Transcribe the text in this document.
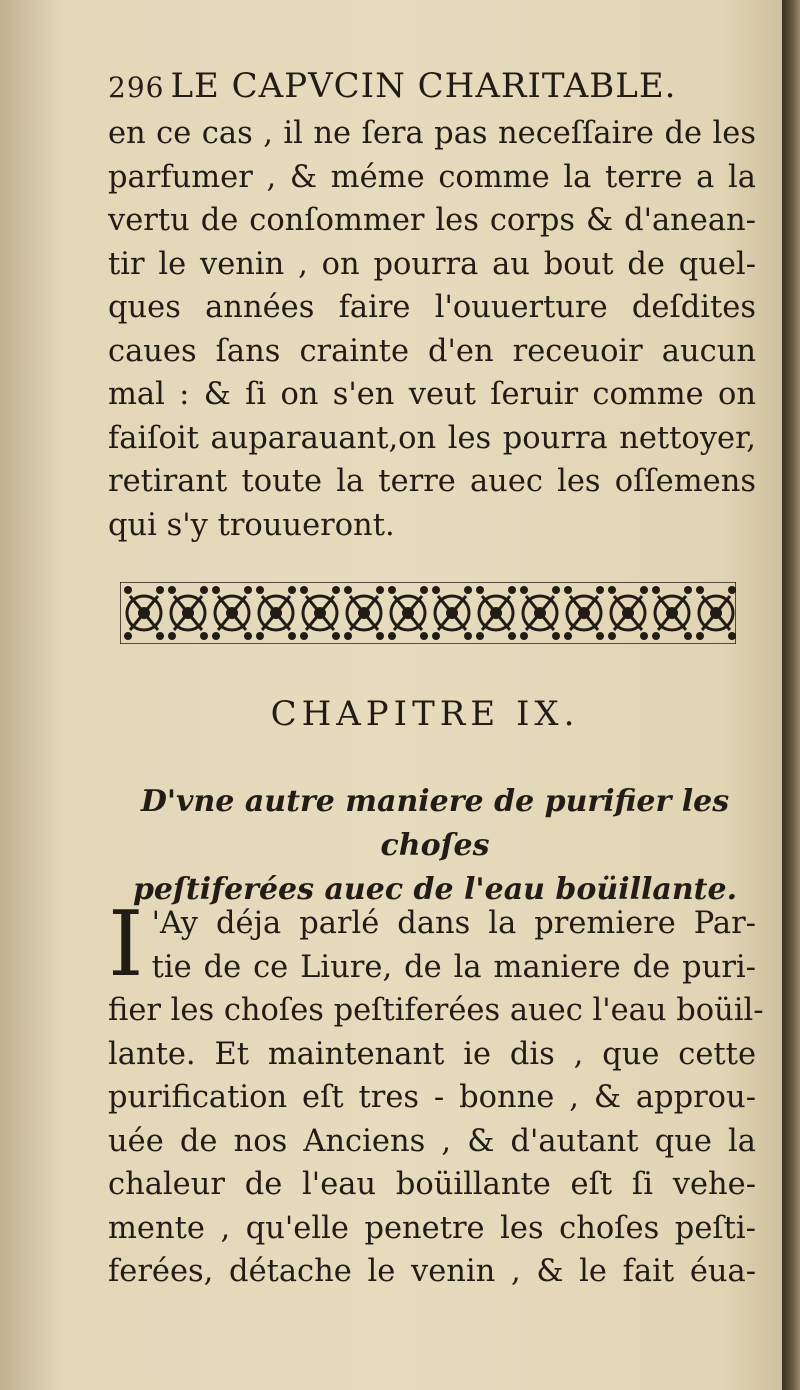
296 LE CAPVCIN CHARITABLE.
en ce cas , il ne ſera pas neceſſaire de les
parfumer , & méme comme la terre a la
vertu de conſommer les corps & d'anean-
tir le venin , on pourra au bout de quel-
ques années faire l'ouuerture deſdites
caues ſans crainte d'en receuoir aucun
mal : & ſi on s'en veut ſeruir comme on
faiſoit auparauant,on les pourra nettoyer,
retirant toute la terre auec les oſſemens
qui s'y trouueront.
CHAPITRE IX.
D'vne autre maniere de purifier les choſes
peſtiferées auec de l'eau boüillante.
I 'Ay déja parlé dans la premiere Par-
tie de ce Liure, de la maniere de puri-
fier les choſes peſtiferées auec l'eau boüil-
lante. Et maintenant ie dis , que cette
purification eſt tres - bonne , & approu-
uée de nos Anciens , & d'autant que la
chaleur de l'eau boüillante eſt ſi vehe-
mente , qu'elle penetre les choſes peſti-
ferées, détache le venin , & le fait éua-
